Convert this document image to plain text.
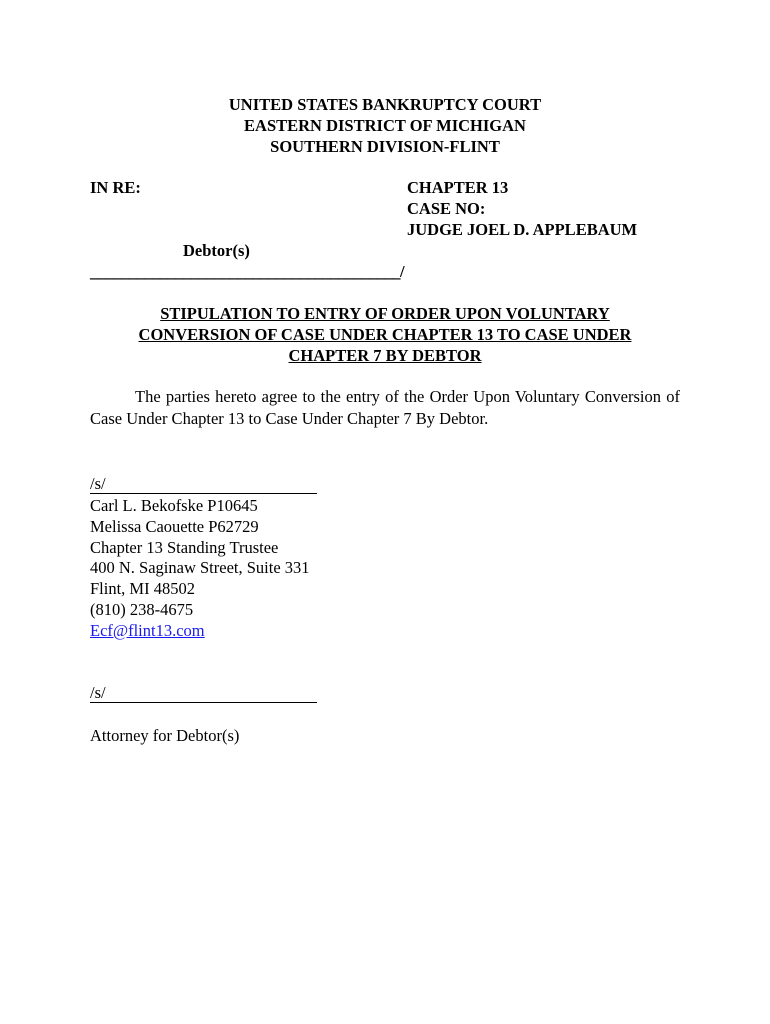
UNITED STATES BANKRUPTCY COURT
EASTERN DISTRICT OF MICHIGAN
SOUTHERN DIVISION-FLINT
IN RE:	CHAPTER 13
CASE NO:
JUDGE JOEL D. APPLEBAUM
Debtor(s)
________________________________________/
STIPULATION TO ENTRY OF ORDER UPON VOLUNTARY
CONVERSION OF CASE UNDER CHAPTER 13 TO CASE UNDER
CHAPTER 7 BY DEBTOR
The parties hereto agree to the entry of the Order Upon Voluntary Conversion of Case Under Chapter 13 to Case Under Chapter 7 By Debtor.
/s/
Carl L. Bekofske P10645
Melissa Caouette P62729
Chapter 13 Standing Trustee
400 N. Saginaw Street, Suite 331
Flint, MI 48502
(810) 238-4675
Ecf@flint13.com
/s/
Attorney for Debtor(s)
